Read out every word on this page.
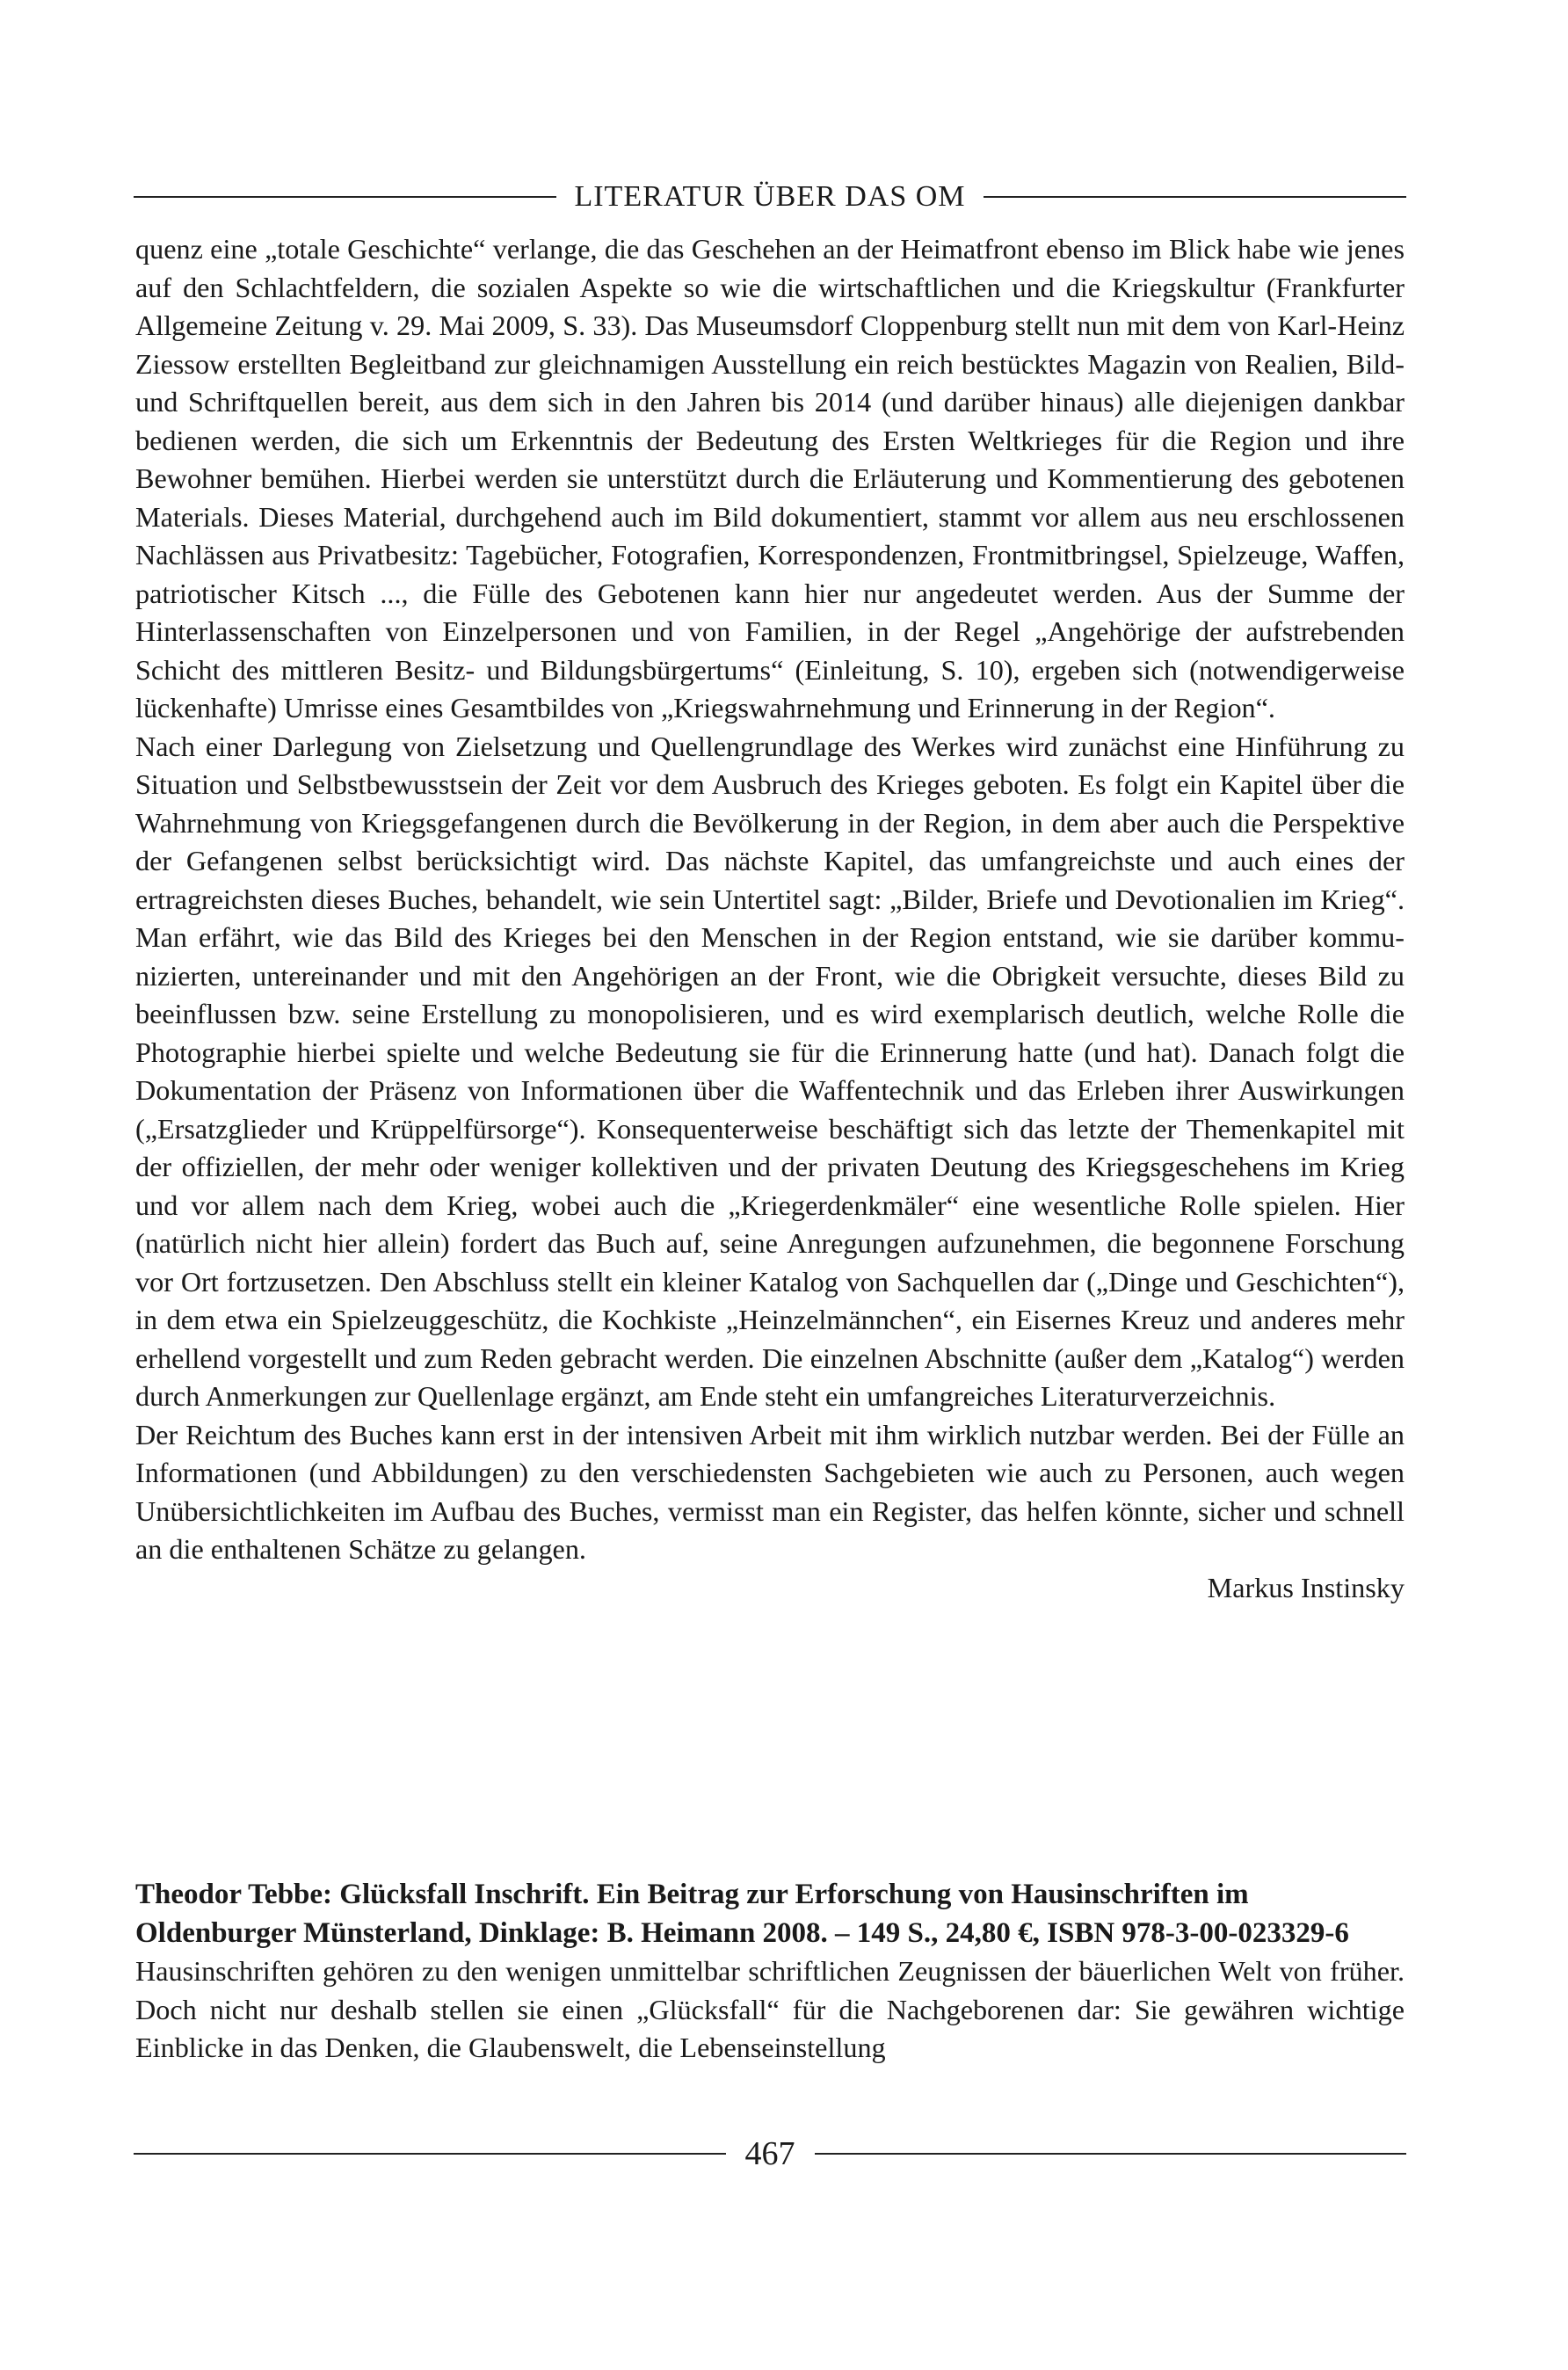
LITERATUR ÜBER DAS OM

quenz eine „totale Geschichte“ verlange, die das Geschehen an der Heimatfront ebenso im Blick habe wie jenes auf den Schlachtfeldern, die sozialen Aspekte so wie die wirtschaftlichen und die Kriegskultur (Frankfurter Allgemeine Zeitung v. 29. Mai 2009, S. 33). Das Museumsdorf Cloppenburg stellt nun mit dem von Karl-Heinz Ziessow erstellten Begleitband zur gleichnamigen Ausstellung ein reich bestücktes Magazin von Realien, Bild- und Schriftquellen bereit, aus dem sich in den Jahren bis 2014 (und darüber hinaus) alle diejenigen dankbar bedienen werden, die sich um Erkenntnis der Bedeutung des Ersten Weltkrieges für die Region und ihre Bewohner bemühen. Hierbei werden sie unterstützt durch die Erläuterung und Kommentierung des gebotenen Materials. Dieses Material, durchgehend auch im Bild dokumentiert, stammt vor allem aus neu erschlossenen Nachlässen aus Privatbesitz: Tagebücher, Fotografien, Korrespondenzen, Frontmitbringsel, Spielzeuge, Waffen, patriotischer Kitsch ..., die Fülle des Gebotenen kann hier nur angedeutet werden. Aus der Summe der Hinterlassenschaften von Einzelpersonen und von Familien, in der Regel „Angehörige der aufstrebenden Schicht des mittleren Besitz- und Bildungsbürgertums“ (Einleitung, S. 10), ergeben sich (notwendigerweise lückenhafte) Umrisse eines Gesamtbildes von „Kriegswahrnehmung und Erinnerung in der Region“.

Nach einer Darlegung von Zielsetzung und Quellengrundlage des Werkes wird zunächst eine Hinführung zu Situation und Selbstbewusstsein der Zeit vor dem Ausbruch des Krieges geboten. Es folgt ein Kapitel über die Wahrnehmung von Kriegsgefangenen durch die Bevölkerung in der Region, in dem aber auch die Perspektive der Gefangenen selbst berücksichtigt wird. Das nächste Kapitel, das umfangreichste und auch eines der ertragreichsten dieses Buches, behandelt, wie sein Untertitel sagt: „Bilder, Briefe und Devotionalien im Krieg“. Man erfährt, wie das Bild des Krieges bei den Menschen in der Region entstand, wie sie darüber kommunizierten, untereinander und mit den Angehörigen an der Front, wie die Obrigkeit versuchte, dieses Bild zu beeinflussen bzw. seine Erstellung zu monopolisieren, und es wird exemplarisch deutlich, welche Rolle die Photographie hierbei spielte und welche Bedeutung sie für die Erinnerung hatte (und hat). Danach folgt die Dokumentation der Präsenz von Informationen über die Waffentechnik und das Erleben ihrer Auswirkungen („Ersatzglieder und Krüppelfürsorge“). Konsequenterweise beschäftigt sich das letzte der Themenkapitel mit der offiziellen, der mehr oder weniger kollektiven und der privaten Deutung des Kriegsgeschehens im Krieg und vor allem nach dem Krieg, wobei auch die „Kriegerdenkmäler“ eine wesentliche Rolle spielen. Hier (natürlich nicht hier allein) fordert das Buch auf, seine Anregungen aufzunehmen, die begonnene Forschung vor Ort fortzusetzen. Den Abschluss stellt ein kleiner Katalog von Sachquellen dar („Dinge und Geschichten“), in dem etwa ein Spielzeuggeschütz, die Kochkiste „Heinzelmännchen“, ein Eisernes Kreuz und anderes mehr erhellend vorgestellt und zum Reden gebracht werden. Die einzelnen Abschnitte (außer dem „Katalog“) werden durch Anmerkungen zur Quellenlage ergänzt, am Ende steht ein umfangreiches Literaturverzeichnis.

Der Reichtum des Buches kann erst in der intensiven Arbeit mit ihm wirklich nutzbar werden. Bei der Fülle an Informationen (und Abbildungen) zu den verschiedensten Sachgebieten wie auch zu Personen, auch wegen Unübersichtlichkeiten im Aufbau des Buches, vermisst man ein Register, das helfen könnte, sicher und schnell an die enthaltenen Schätze zu gelangen.

Markus Instinsky

Theodor Tebbe: Glücksfall Inschrift. Ein Beitrag zur Erforschung von Hausinschriften im Oldenburger Münsterland, Dinklage: B. Heimann 2008. – 149 S., 24,80 €, ISBN 978-3-00-023329-6

Hausinschriften gehören zu den wenigen unmittelbar schriftlichen Zeugnissen der bäuerlichen Welt von früher. Doch nicht nur deshalb stellen sie einen „Glücksfall“ für die Nachgeborenen dar: Sie gewähren wichtige Einblicke in das Denken, die Glaubenswelt, die Lebenseinstellung

467
